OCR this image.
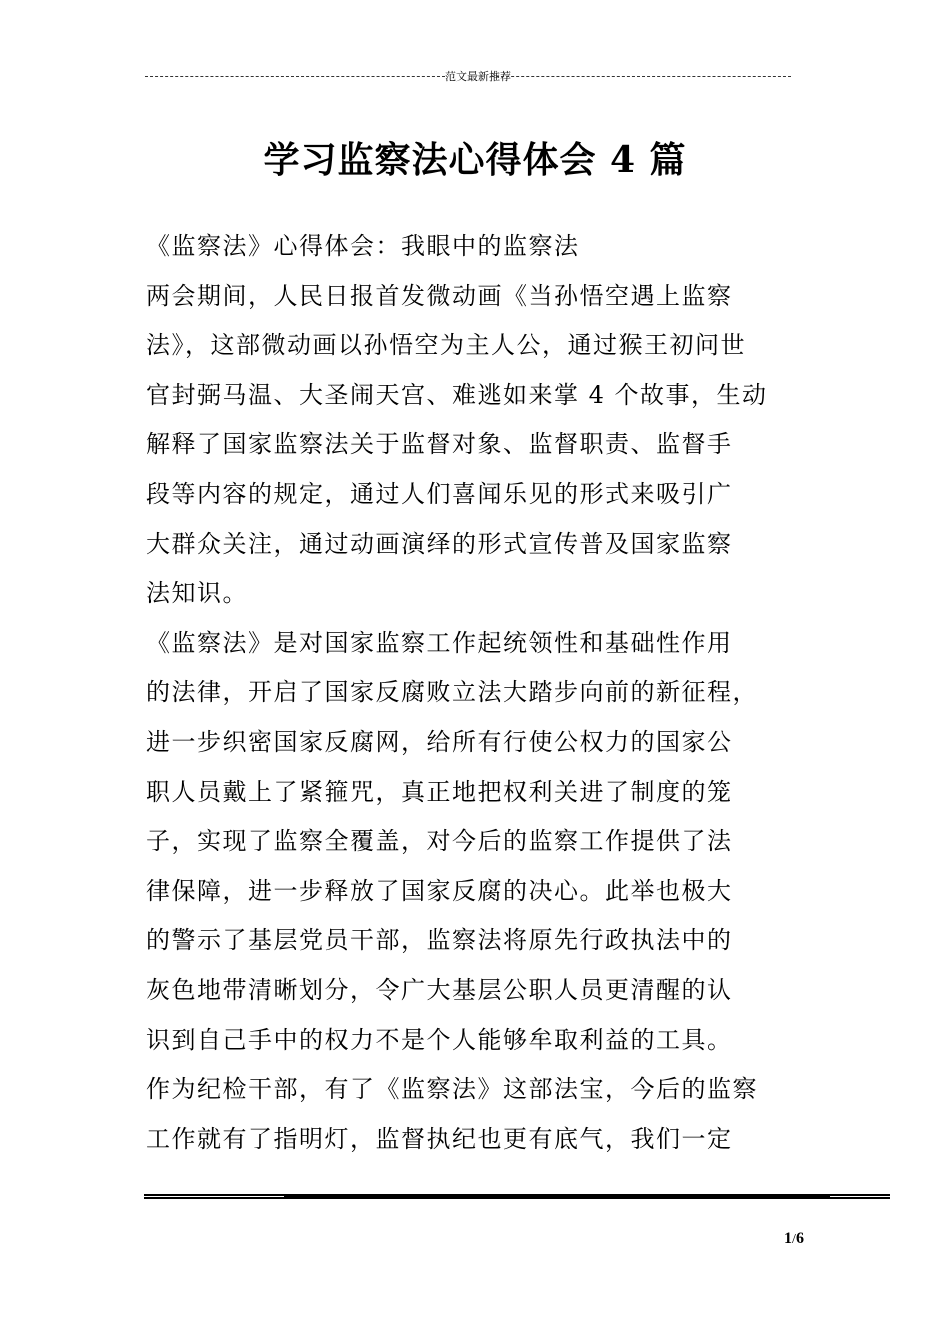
范文最新推荐
学习监察法心得体会 4 篇
《监察法》心得体会：我眼中的监察法
两会期间，人民日报首发微动画《当孙悟空遇上监察
法》，这部微动画以孙悟空为主人公，通过猴王初问世
官封弼马温、大圣闹天宫、难逃如来掌 4 个故事，生动
解释了国家监察法关于监督对象、监督职责、监督手
段等内容的规定，通过人们喜闻乐见的形式来吸引广
大群众关注，通过动画演绎的形式宣传普及国家监察
法知识。
《监察法》是对国家监察工作起统领性和基础性作用
的法律，开启了国家反腐败立法大踏步向前的新征程，
进一步织密国家反腐网，给所有行使公权力的国家公
职人员戴上了紧箍咒，真正地把权利关进了制度的笼
子，实现了监察全覆盖，对今后的监察工作提供了法
律保障，进一步释放了国家反腐的决心。此举也极大
的警示了基层党员干部，监察法将原先行政执法中的
灰色地带清晰划分，令广大基层公职人员更清醒的认
识到自己手中的权力不是个人能够牟取利益的工具。
作为纪检干部，有了《监察法》这部法宝，今后的监察
工作就有了指明灯，监督执纪也更有底气，我们一定
1/6
